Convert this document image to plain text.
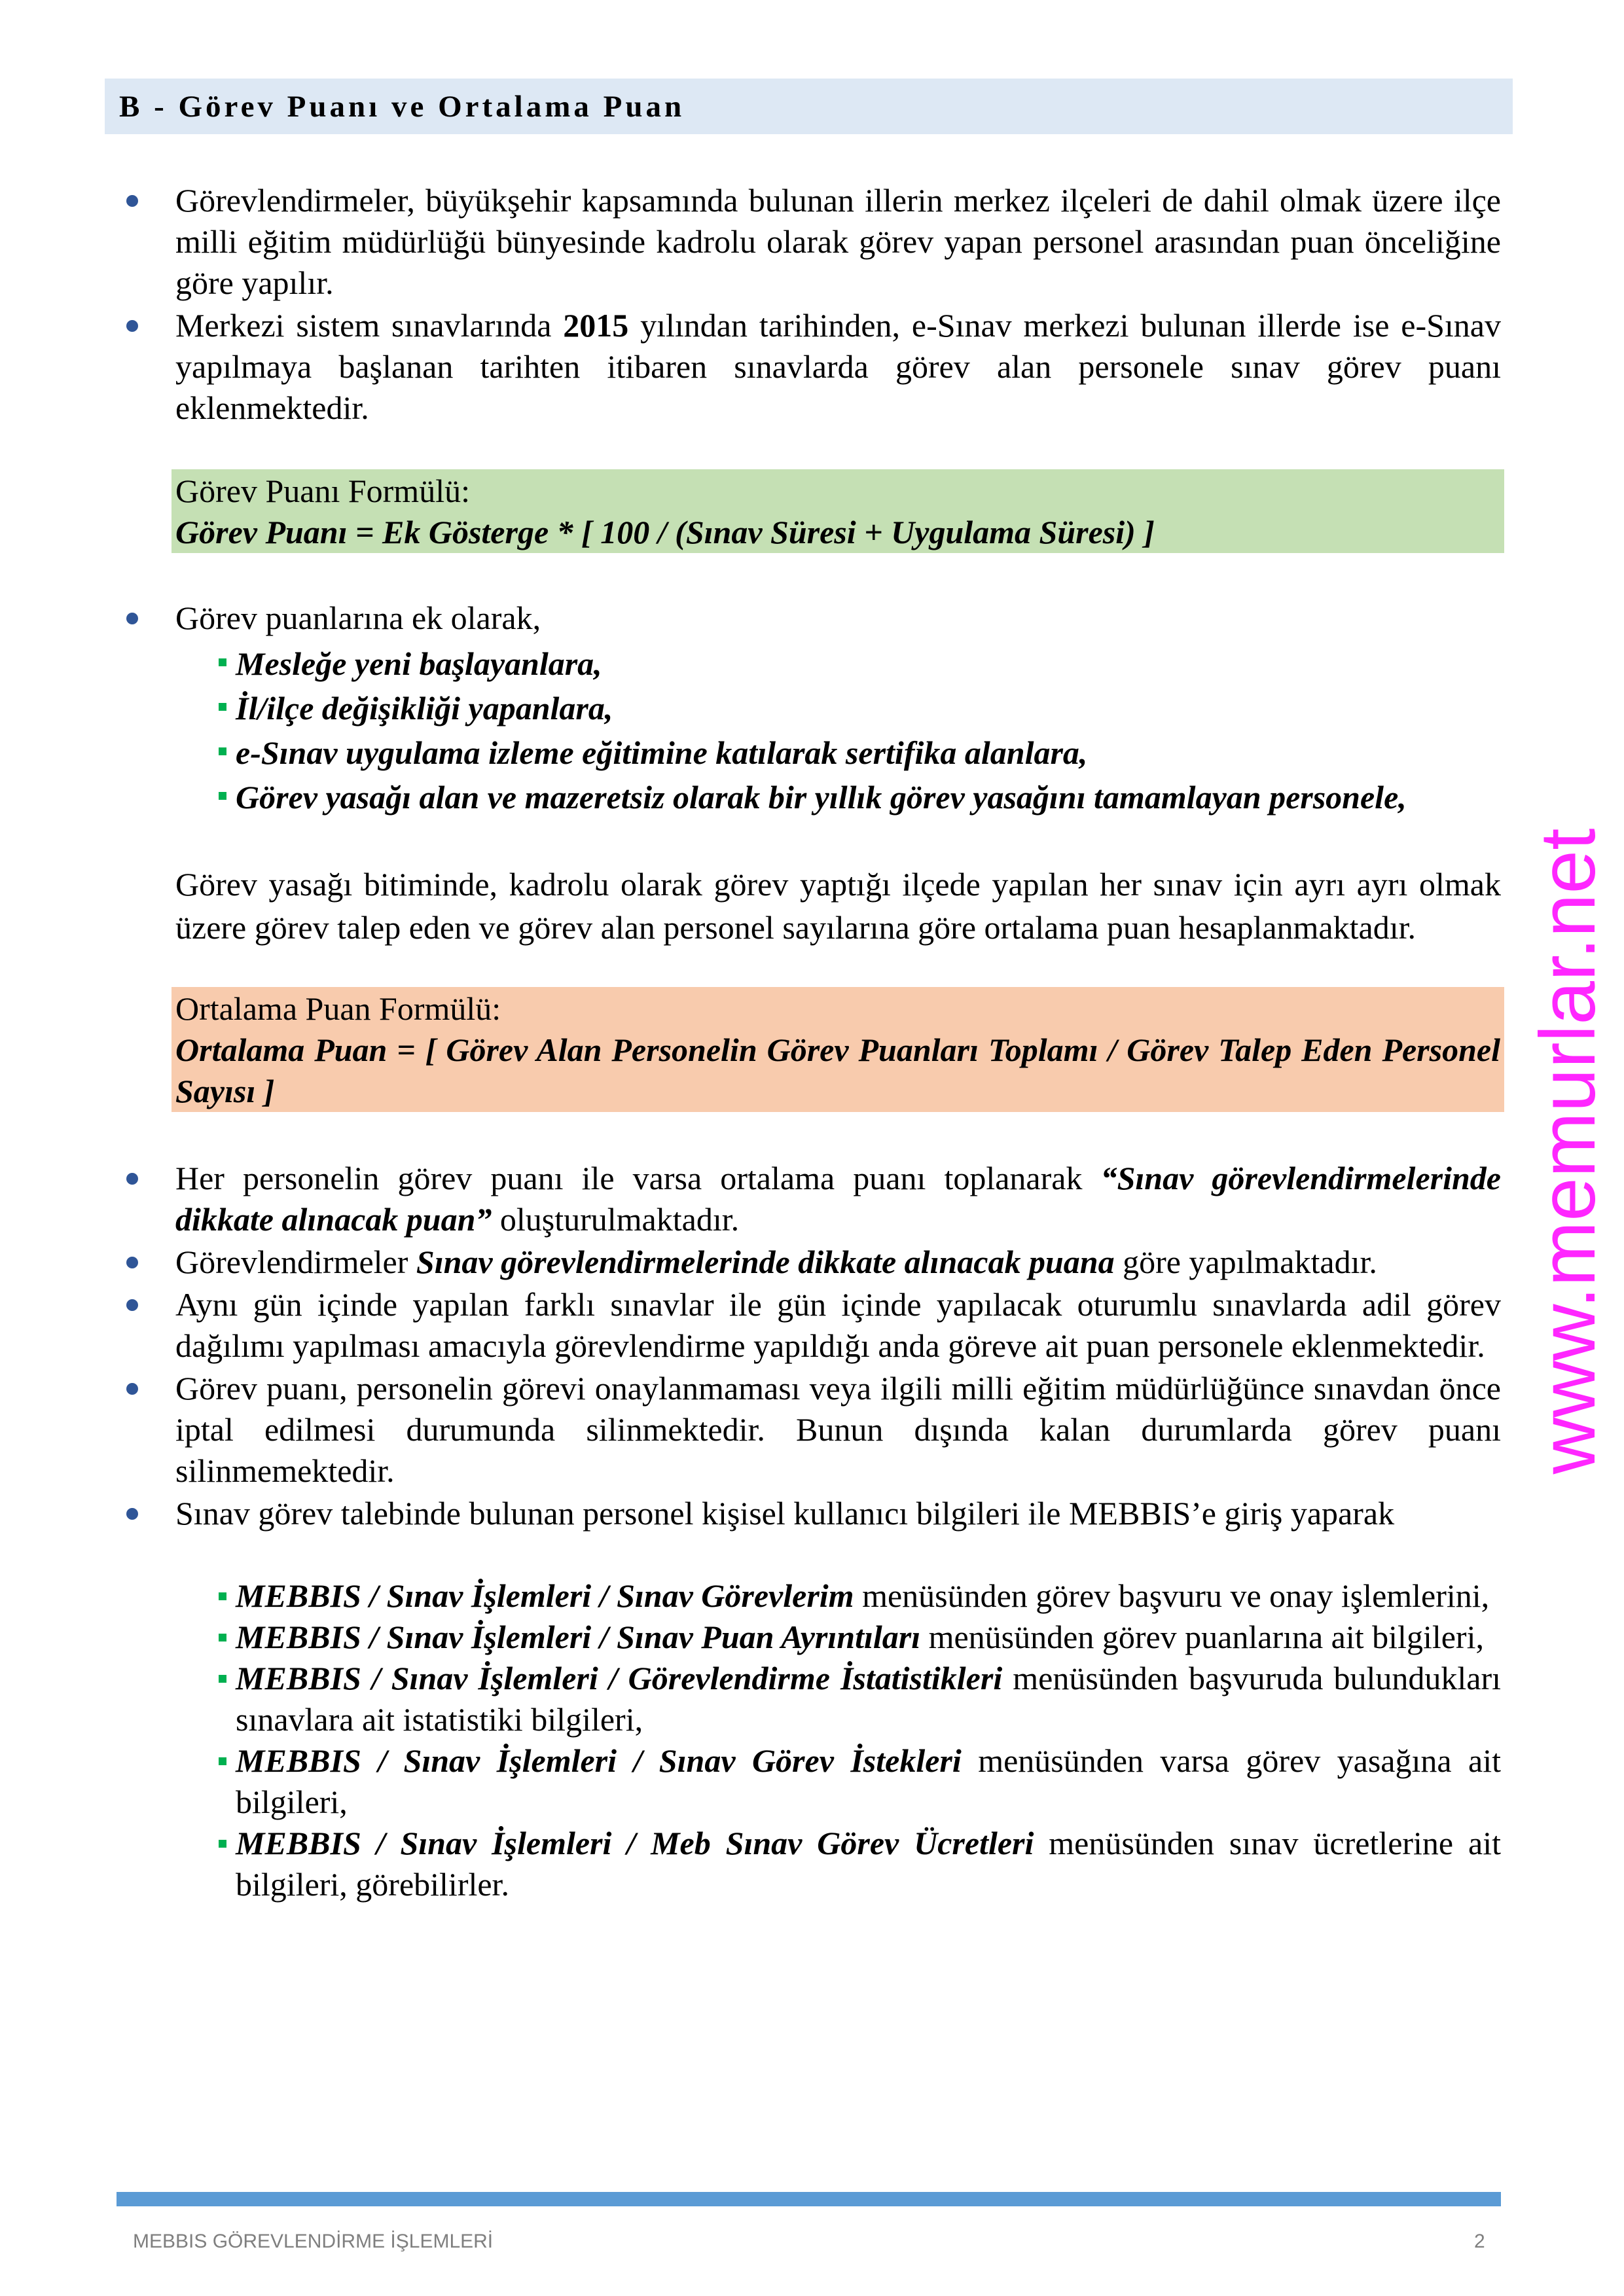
B - Görev Puanı ve Ortalama Puan
Görevlendirmeler, büyükşehir kapsamında bulunan illerin merkez ilçeleri de dahil olmak üzere ilçe milli eğitim müdürlüğü bünyesinde kadrolu olarak görev yapan personel arasından puan önceliğine göre yapılır.
Merkezi sistem sınavlarında 2015 yılından tarihinden, e-Sınav merkezi bulunan illerde ise e-Sınav yapılmaya başlanan tarihten itibaren sınavlarda görev alan personele sınav görev puanı eklenmektedir.
Görev Puanı Formülü:
Görev Puanı = Ek Gösterge * [ 100 / (Sınav Süresi + Uygulama Süresi) ]
Görev puanlarına ek olarak,
Mesleğe yeni başlayanlara,
İl/ilçe değişikliği yapanlara,
e-Sınav uygulama izleme eğitimine katılarak sertifika alanlara,
Görev yasağı alan ve mazeretsiz olarak bir yıllık görev yasağını tamamlayan personele,
Görev yasağı bitiminde, kadrolu olarak görev yaptığı ilçede yapılan her sınav için ayrı ayrı olmak üzere görev talep eden ve görev alan personel sayılarına göre ortalama puan hesaplanmaktadır.
Ortalama Puan Formülü:
Ortalama Puan = [ Görev Alan Personelin Görev Puanları Toplamı / Görev Talep Eden Personel Sayısı ]
Her personelin görev puanı ile varsa ortalama puanı toplanarak “Sınav görevlendirmelerinde dikkate alınacak puan” oluşturulmaktadır.
Görevlendirmeler Sınav görevlendirmelerinde dikkate alınacak puana göre yapılmaktadır.
Aynı gün içinde yapılan farklı sınavlar ile gün içinde yapılacak oturumlu sınavlarda adil görev dağılımı yapılması amacıyla görevlendirme yapıldığı anda göreve ait puan personele eklenmektedir.
Görev puanı, personelin görevi onaylanmaması veya ilgili milli eğitim müdürlüğünce sınavdan önce iptal edilmesi durumunda silinmektedir. Bunun dışında kalan durumlarda görev puanı silinmemektedir.
Sınav görev talebinde bulunan personel kişisel kullanıcı bilgileri ile MEBBIS’e giriş yaparak
MEBBIS / Sınav İşlemleri / Sınav Görevlerim menüsünden görev başvuru ve onay işlemlerini,
MEBBIS / Sınav İşlemleri / Sınav Puan Ayrıntıları menüsünden görev puanlarına ait bilgileri,
MEBBIS / Sınav İşlemleri / Görevlendirme İstatistikleri menüsünden başvuruda bulundukları sınavlara ait istatistiki bilgileri,
MEBBIS / Sınav İşlemleri / Sınav Görev İstekleri menüsünden varsa görev yasağına ait bilgileri,
MEBBIS / Sınav İşlemleri / Meb Sınav Görev Ücretleri menüsünden sınav ücretlerine ait bilgileri, görebilirler.
www.memurlar.net
MEBBIS GÖREVLENDİRME İŞLEMLERİ	2
